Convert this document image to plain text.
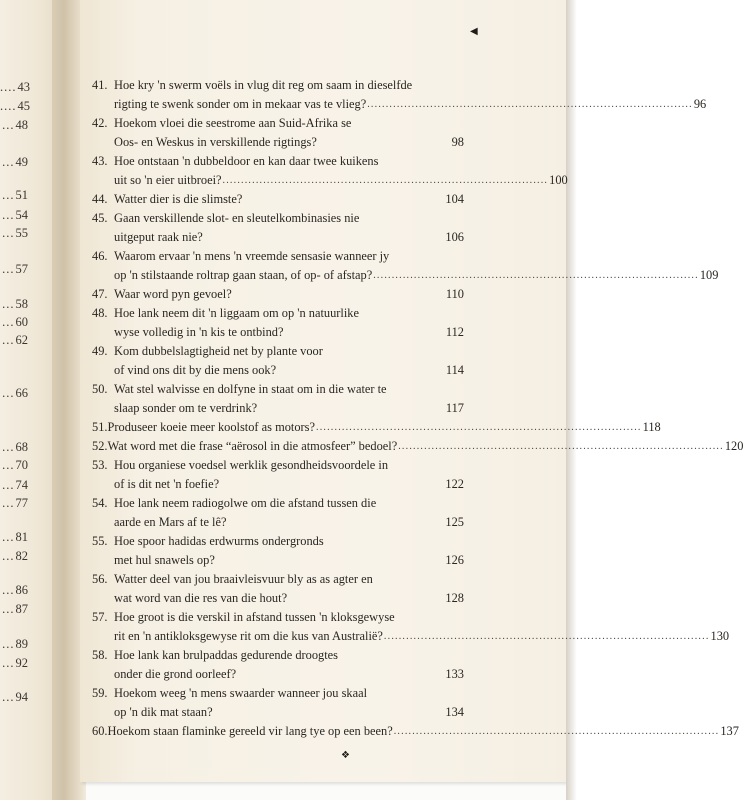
....43
....45
...48
...49
...51
...54
...55
...57
...58
...60
...62
...66
...68
...70
...74
...77
...81
...82
...86
...87
...89
...92
...94
◀
❖
41. Hoe kry 'n swerm voëls in vlug dit reg om saam in dieselfde
rigting te swenk sonder om in mekaar vas te vlieg? ........................................................................................ 96
42. Hoekom vloei die seestrome aan Suid-Afrika se
Oos- en Weskus in verskillende rigtings?
	98
43. Hoe ontstaan 'n dubbeldoor en kan daar twee kuikens
uit so 'n eier uitbroei? ........................................................................................ 100
44. Watter dier is die slimste?
	104
45. Gaan verskillende slot- en sleutelkombinasies nie
uitgeput raak nie?
	106
46. Waarom ervaar 'n mens 'n vreemde sensasie wanneer jy
op 'n stilstaande roltrap gaan staan, of op- of afstap? ........................................................................................ 109
47. Waar word pyn gevoel?
	110
48. Hoe lank neem dit 'n liggaam om op 'n natuurlike
wyse volledig in 'n kis te ontbind?
	112
49. Kom dubbelslagtigheid net by plante voor
of vind ons dit by die mens ook?
	114
50. Wat stel walvisse en dolfyne in staat om in die water te
slaap sonder om te verdrink?
	117
51. Produseer koeie meer koolstof as motors? ........................................................................................ 118
52. Wat word met die frase “aërosol in die atmosfeer” bedoel? ........................................................................................ 120
53. Hou organiese voedsel werklik gesondheidsvoordele in
of is dit net 'n foefie?
	122
54. Hoe lank neem radiogolwe om die afstand tussen die
aarde en Mars af te lê?
	125
55. Hoe spoor hadidas erdwurms ondergronds
met hul snawels op?
	126
56. Watter deel van jou braaivleisvuur bly as as agter en
wat word van die res van die hout?
	128
57. Hoe groot is die verskil in afstand tussen 'n kloksgewyse
rit en 'n antikloksgewyse rit om die kus van Australië? ........................................................................................ 130
58. Hoe lank kan brulpaddas gedurende droogtes
onder die grond oorleef?
	133
59. Hoekom weeg 'n mens swaarder wanneer jou skaal
op 'n dik mat staan?
	134
60. Hoekom staan flaminke gereeld vir lang tye op een been? ........................................................................................ 137
